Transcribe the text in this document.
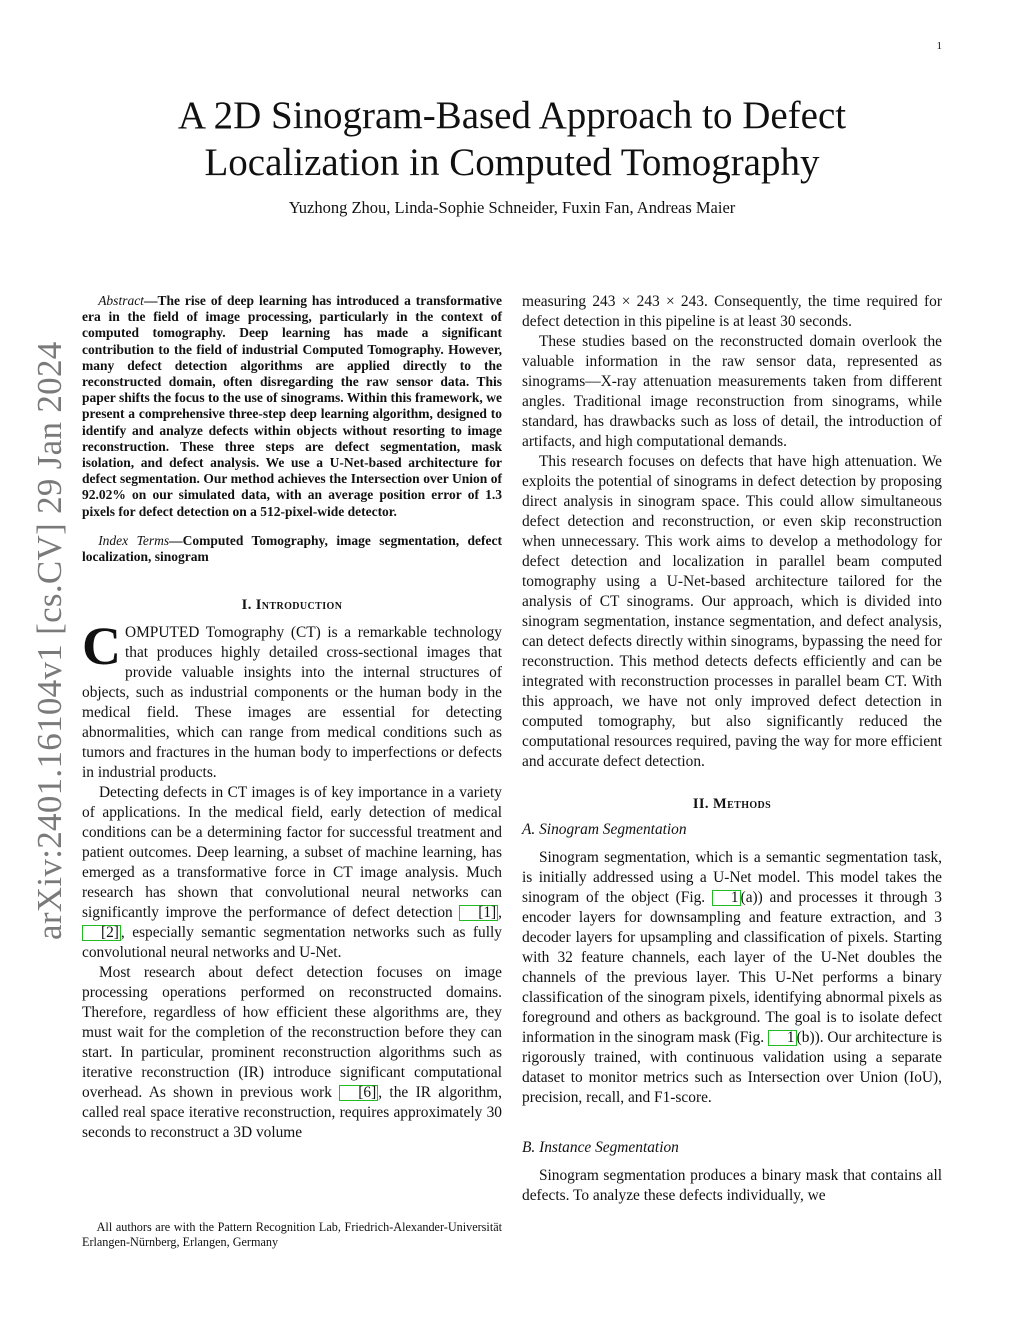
1
arXiv:2401.16104v1 [cs.CV] 29 Jan 2024
A 2D Sinogram-Based Approach to Defect Localization in Computed Tomography
Yuzhong Zhou, Linda-Sophie Schneider, Fuxin Fan, Andreas Maier

Abstract—The rise of deep learning has introduced a transformative era in the field of image processing, particularly in the context of computed tomography. Deep learning has made a significant contribution to the field of industrial Computed Tomography. However, many defect detection algorithms are applied directly to the reconstructed domain, often disregarding the raw sensor data. This paper shifts the focus to the use of sinograms. Within this framework, we present a comprehensive three-step deep learning algorithm, designed to identify and analyze defects within objects without resorting to image reconstruction. These three steps are defect segmentation, mask isolation, and defect analysis. We use a U-Net-based architecture for defect segmentation. Our method achieves the Intersection over Union of 92.02% on our simulated data, with an average position error of 1.3 pixels for defect detection on a 512-pixel-wide detector.

Index Terms—Computed Tomography, image segmentation, defect localization, sinogram

I. Introduction

COMPUTED Tomography (CT) is a remarkable technology that produces highly detailed cross-sectional images that provide valuable insights into the internal structures of objects, such as industrial components or the human body in the medical field. These images are essential for detecting abnormalities, which can range from medical conditions such as tumors and fractures in the human body to imperfections or defects in industrial products.

Detecting defects in CT images is of key importance in a variety of applications. In the medical field, early detection of medical conditions can be a determining factor for successful treatment and patient outcomes. Deep learning, a subset of machine learning, has emerged as a transformative force in CT image analysis. Much research has shown that convolutional neural networks can significantly improve the performance of defect detection [1] , [2] , especially semantic segmentation networks such as fully convolutional neural networks and U-Net.

Most research about defect detection focuses on image processing operations performed on reconstructed domains. Therefore, regardless of how efficient these algorithms are, they must wait for the completion of the reconstruction before they can start. In particular, prominent reconstruction algorithms such as iterative reconstruction (IR) introduce significant computational overhead. As shown in previous work [6] , the IR algorithm, called real space iterative reconstruction, requires approximately 30 seconds to reconstruct a 3D volume

All authors are with the Pattern Recognition Lab, Friedrich-Alexander-Universität Erlangen-Nürnberg, Erlangen, Germany

measuring 243 × 243 × 243. Consequently, the time required for defect detection in this pipeline is at least 30 seconds.

These studies based on the reconstructed domain overlook the valuable information in the raw sensor data, represented as sinograms—X-ray attenuation measurements taken from different angles. Traditional image reconstruction from sinograms, while standard, has drawbacks such as loss of detail, the introduction of artifacts, and high computational demands.

This research focuses on defects that have high attenuation. We exploits the potential of sinograms in defect detection by proposing direct analysis in sinogram space. This could allow simultaneous defect detection and reconstruction, or even skip reconstruction when unnecessary. This work aims to develop a methodology for defect detection and localization in parallel beam computed tomography using a U-Net-based architecture tailored for the analysis of CT sinograms. Our approach, which is divided into sinogram segmentation, instance segmentation, and defect analysis, can detect defects directly within sinograms, bypassing the need for reconstruction. This method detects defects efficiently and can be integrated with reconstruction processes in parallel beam CT. With this approach, we have not only improved defect detection in computed tomography, but also significantly reduced the computational resources required, paving the way for more efficient and accurate defect detection.

II. Methods
A. Sinogram Segmentation

Sinogram segmentation, which is a semantic segmentation task, is initially addressed using a U-Net model. This model takes the sinogram of the object (Fig. 1 (a)) and processes it through 3 encoder layers for downsampling and feature extraction, and 3 decoder layers for upsampling and classification of pixels. Starting with 32 feature channels, each layer of the U-Net doubles the channels of the previous layer. This U-Net performs a binary classification of the sinogram pixels, identifying abnormal pixels as foreground and others as background. The goal is to isolate defect information in the sinogram mask (Fig. 1 (b)). Our architecture is rigorously trained, with continuous validation using a separate dataset to monitor metrics such as Intersection over Union (IoU), precision, recall, and F1-score.

B. Instance Segmentation

Sinogram segmentation produces a binary mask that contains all defects. To analyze these defects individually, we
